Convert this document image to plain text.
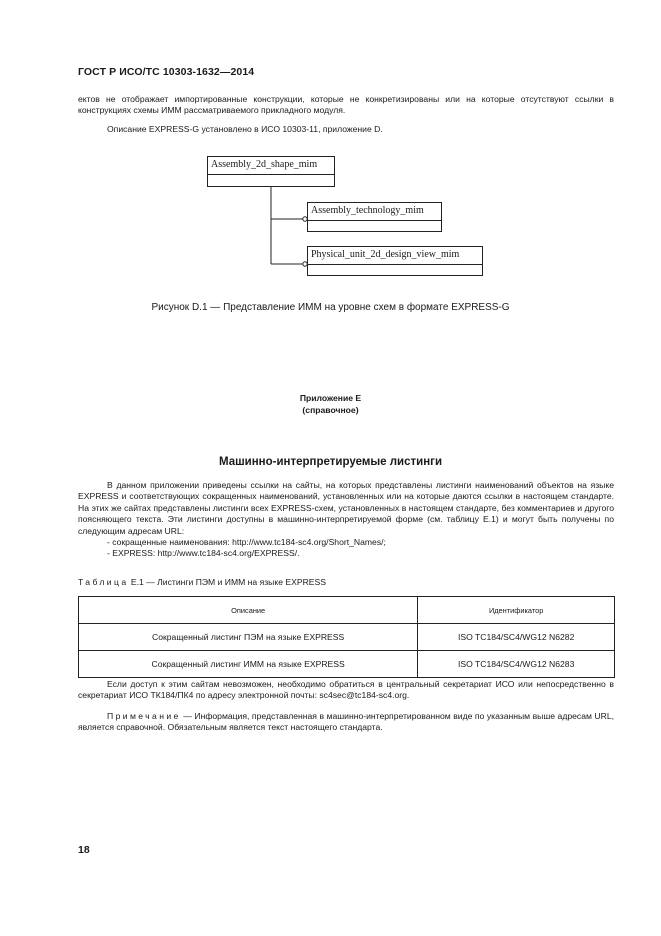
ГОСТ Р ИСО/ТС 10303-1632—2014
ектов не отображает импортированные конструкции, которые не конкретизированы или на которые отсутствуют ссылки в конструкциях схемы ИММ рассматриваемого прикладного модуля.
Описание EXPRESS-G установлено в ИСО 10303-11, приложение D.
Assembly_2d_shape_mim
Assembly_technology_mim
Physical_unit_2d_design_view_mim
Рисунок D.1 — Представление ИММ на уровне схем в формате EXPRESS-G
Приложение E
(справочное)
Машинно-интерпретируемые листинги
В данном приложении приведены ссылки на сайты, на которых представлены листинги наименований объектов на языке EXPRESS и соответствующих сокращенных наименований, установленных или на которые даются ссылки в настоящем стандарте. На этих же сайтах представлены листинги всех EXPRESS-схем, установленных в настоящем стандарте, без комментариев и другого поясняющего текста. Эти листинги доступны в машинно-интерпретируемой форме (см. таблицу E.1) и могут быть получены по следующим адресам URL:
- сокращенные наименования: http://www.tc184-sc4.org/Short_Names/;
- EXPRESS: http://www.tc184-sc4.org/EXPRESS/.
Таблица E.1 — Листинги ПЭМ и ИММ на языке EXPRESS
Описание	Идентификатор
Сокращенный листинг ПЭМ на языке EXPRESS	ISO TC184/SC4/WG12 N6282
Сокращенный листинг ИММ на языке EXPRESS	ISO TC184/SC4/WG12 N6283
Если доступ к этим сайтам невозможен, необходимо обратиться в центральный секретариат ИСО или непосредственно в секретариат ИСО ТК184/ПК4 по адресу электронной почты: sc4sec@tc184-sc4.org.
Примечание — Информация, представленная в машинно-интерпретированном виде по указанным выше адресам URL, является справочной. Обязательным является текст настоящего стандарта.
18
